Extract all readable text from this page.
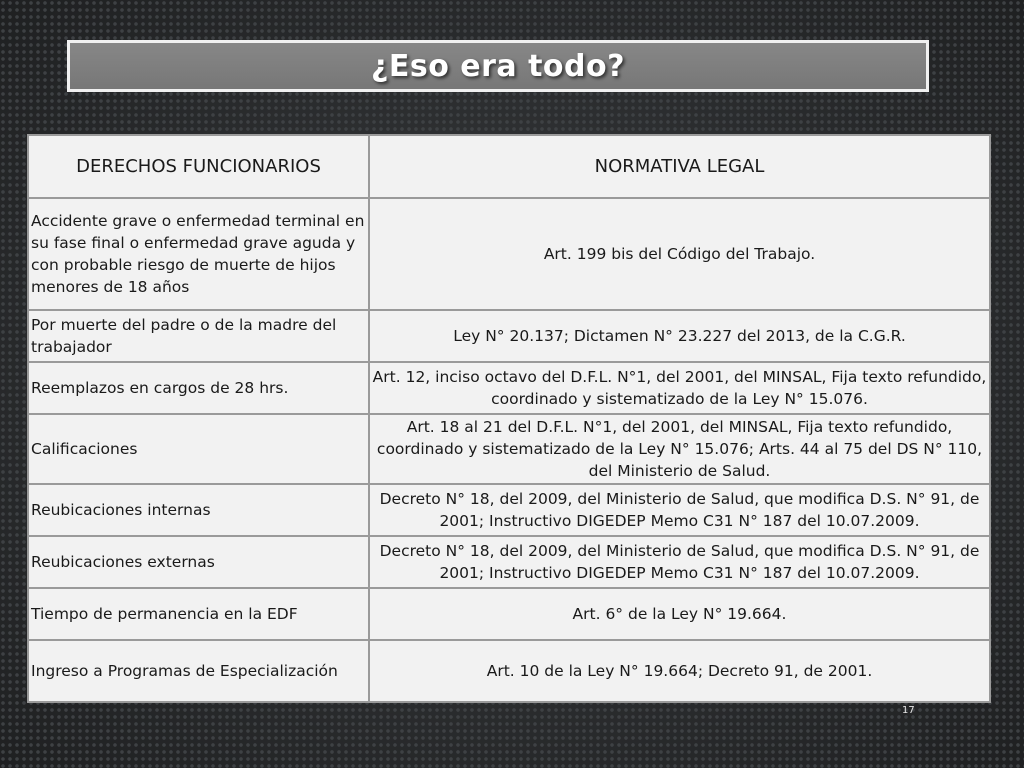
¿Eso era todo?
DERECHOS FUNCIONARIOS	NORMATIVA LEGAL
Accidente grave o enfermedad terminal en su fase final o enfermedad grave aguda y con probable riesgo de muerte de hijos menores de 18 años	Art. 199 bis del Código del Trabajo.
Por muerte del padre o de la madre del trabajador	Ley N° 20.137; Dictamen N° 23.227 del 2013, de la C.G.R.
Reemplazos en cargos de 28 hrs.	Art. 12, inciso octavo del D.F.L. N°1, del 2001, del MINSAL, Fija texto refundido, coordinado y sistematizado de la Ley N° 15.076.
Calificaciones	Art. 18 al 21 del D.F.L. N°1, del 2001, del MINSAL, Fija texto refundido, coordinado y sistematizado de la Ley N° 15.076; Arts. 44 al 75 del DS N° 110, del Ministerio de Salud.
Reubicaciones internas	Decreto N° 18, del 2009, del Ministerio de Salud, que modifica D.S. N° 91, de 2001; Instructivo DIGEDEP Memo C31 N° 187 del 10.07.2009.
Reubicaciones externas	Decreto N° 18, del 2009, del Ministerio de Salud, que modifica D.S. N° 91, de 2001; Instructivo DIGEDEP Memo C31 N° 187 del 10.07.2009.
Tiempo de permanencia en la EDF	Art. 6° de la Ley N° 19.664.
Ingreso a Programas de Especialización	Art. 10 de la Ley N° 19.664; Decreto 91, de 2001.
17
